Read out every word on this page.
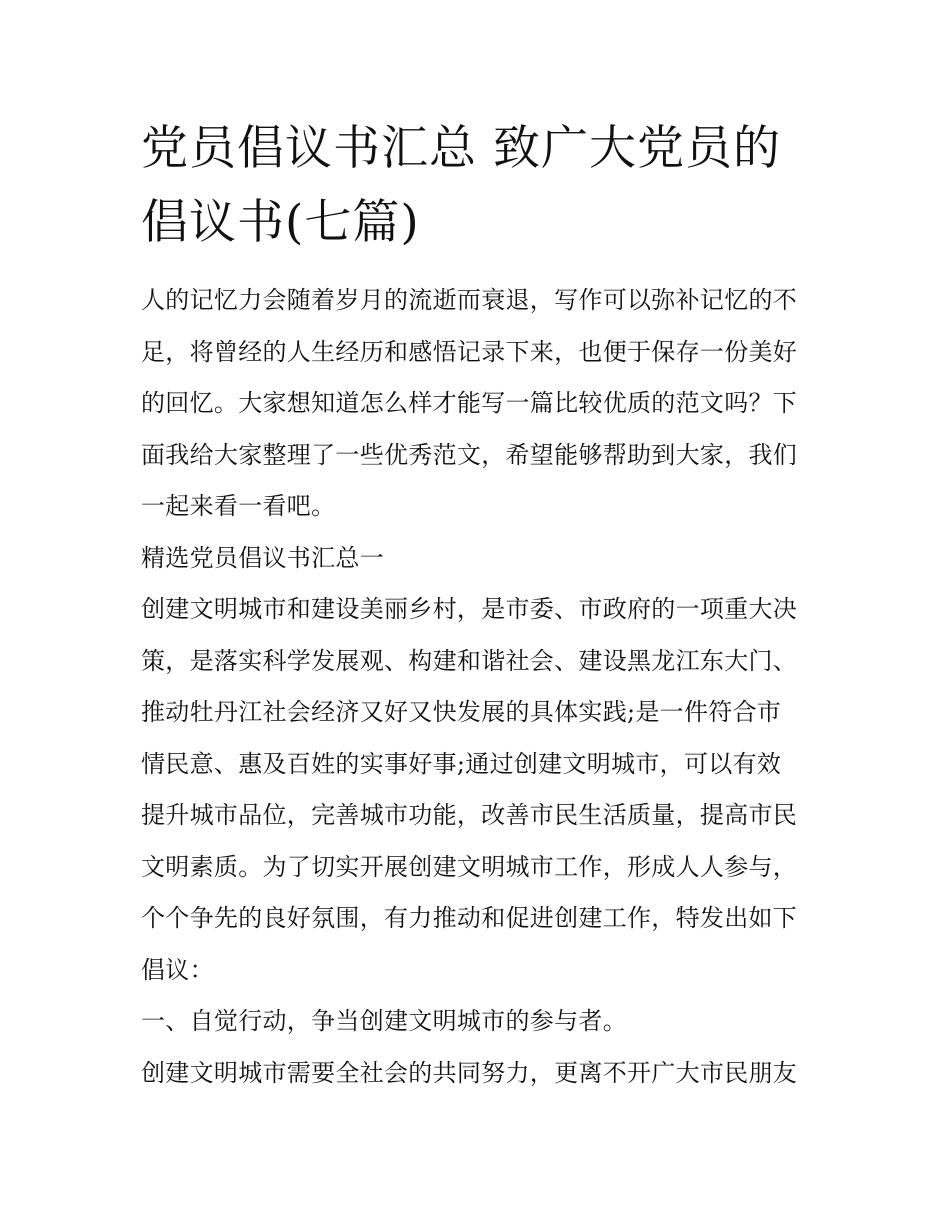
党员倡议书汇总 致广大党员的
倡议书(七篇)
人的记忆力会随着岁月的流逝而衰退，写作可以弥补记忆的不
足，将曾经的人生经历和感悟记录下来，也便于保存一份美好
的回忆。大家想知道怎么样才能写一篇比较优质的范文吗？下
面我给大家整理了一些优秀范文，希望能够帮助到大家，我们
一起来看一看吧。
精选党员倡议书汇总一
创建文明城市和建设美丽乡村，是市委、市政府的一项重大决
策，是落实科学发展观、构建和谐社会、建设黑龙江东大门、
推动牡丹江社会经济又好又快发展的具体实践;是一件符合市
情民意、惠及百姓的实事好事;通过创建文明城市，可以有效
提升城市品位，完善城市功能，改善市民生活质量，提高市民
文明素质。为了切实开展创建文明城市工作，形成人人参与，
个个争先的良好氛围，有力推动和促进创建工作，特发出如下
倡议：
一、自觉行动，争当创建文明城市的参与者。
创建文明城市需要全社会的共同努力，更离不开广大市民朋友
